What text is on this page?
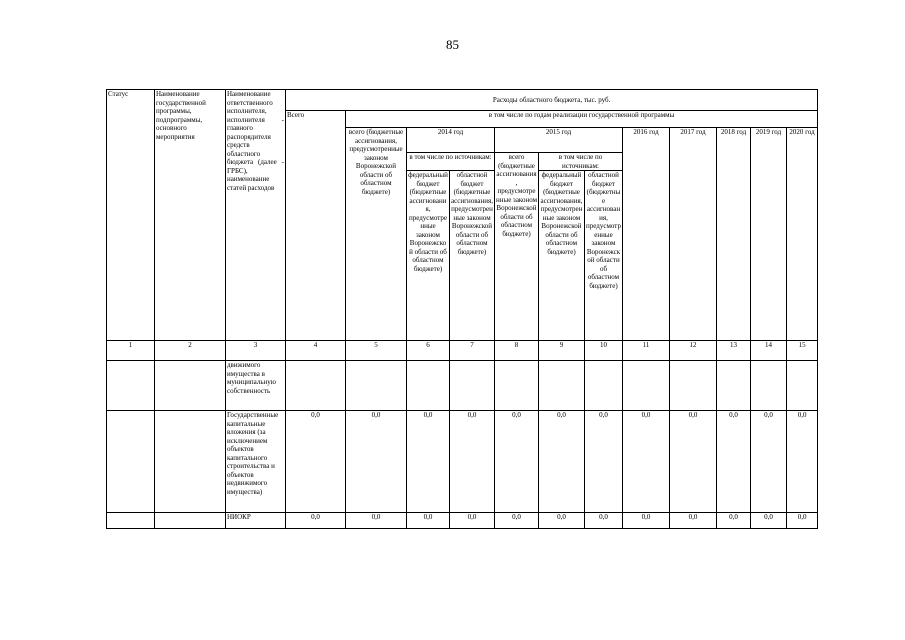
85
Статус	Наименование государственной программы, подпрограммы, основного мероприятия	Наименование ответственного исполнителя, исполнителя - главного распорядителя средств областного бюджета (далее - ГРБС), наименование статей расходов	Расходы областного бюджета, тыс. руб.											
			Всего	в том числе по годам реализации государственной программы										
				всего (бюджетные ассигнования, предусмотренные законом Воронежской области об областном бюджете)	2014 год		2015 год			2016 год	2017 год	2018 год	2019 год	2020 год
					в том числе по источникам:		всего (бюджетные ассигнования, предусмотренные законом Воронежской области об областном бюджете)	в том числе по источникам:						
					федеральный бюджет (бюджетные ассигнования, предусмотренные законом Воронежской области об областном бюджете)	областной бюджет (бюджетные ассигнования, предусмотренные законом Воронежской области об областном бюджете)		федеральный бюджет (бюджетные ассигнования, предусмотренные законом Воронежской области об областном бюджете)	областной бюджет (бюджетные ассигнования, предусмотренные законом Воронежской области об областном бюджете)					
1	2	3	4	5	6	7	8	9	10	11	12	13	14	15
		движимого имущества в муниципальную собственность												
		Государственные капитальные вложения (за исключением объектов капитального строительства и объектов недвижимого имущества)	0,0	0,0	0,0	0,0	0,0	0,0	0,0	0,0	0,0	0,0	0,0	0,0
		НИОКР	0,0	0,0	0,0	0,0	0,0	0,0	0,0	0,0	0,0	0,0	0,0	0,0
